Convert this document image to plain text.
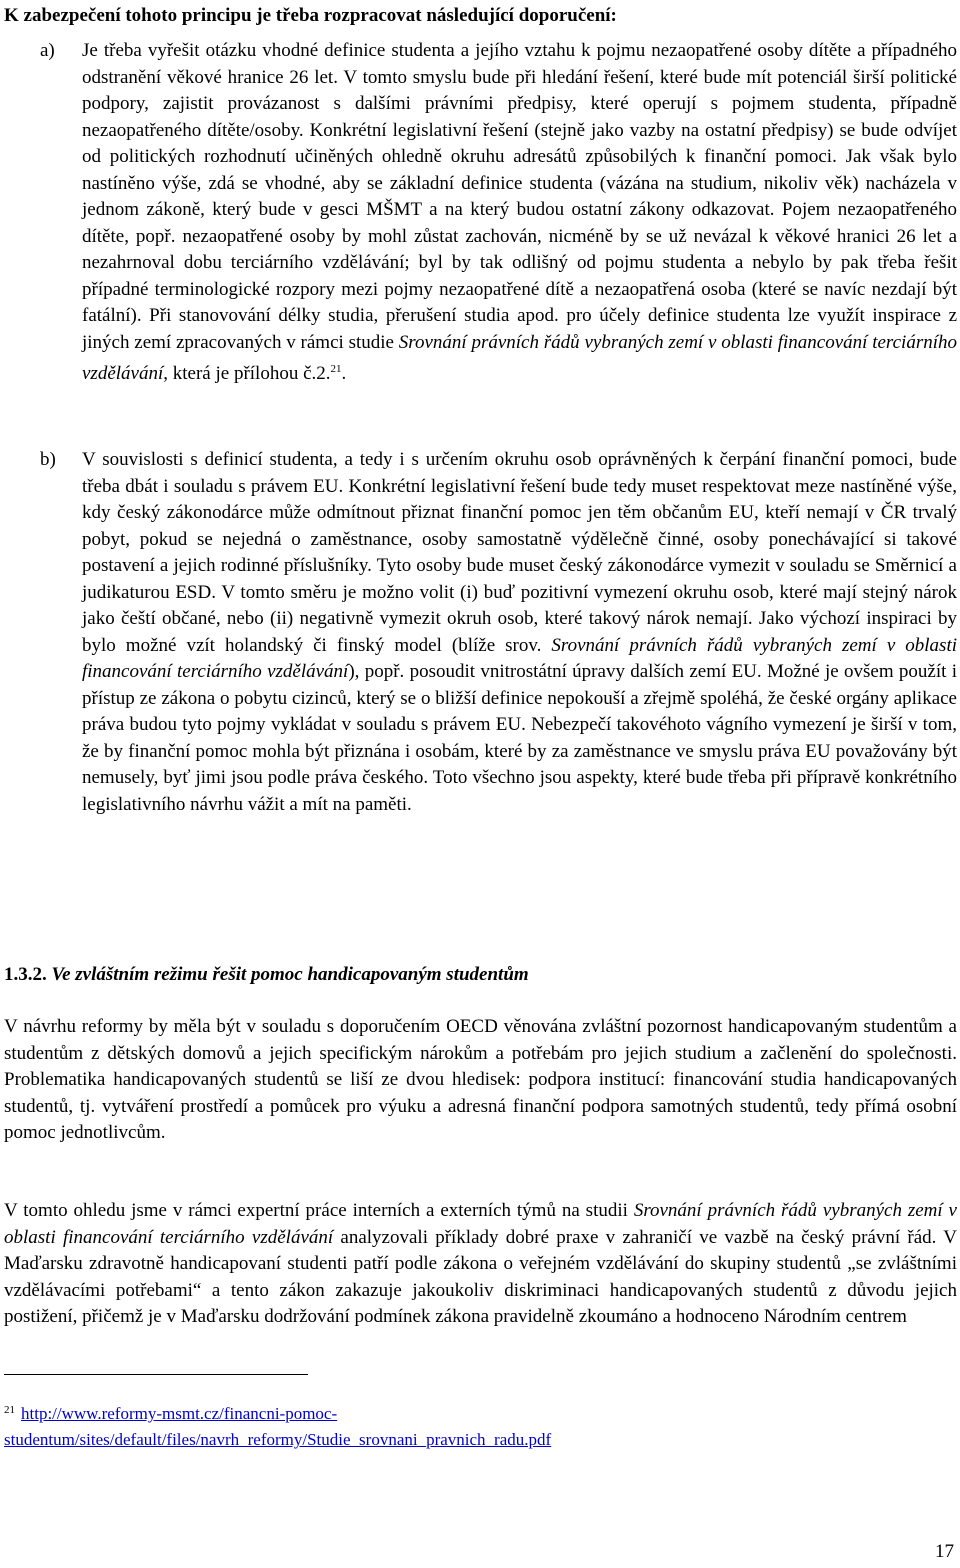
K zabezpečení tohoto principu je třeba rozpracovat následující doporučení:

a) Je třeba vyřešit otázku vhodné definice studenta a jejího vztahu k pojmu nezaopatřené osoby dítěte a případného odstranění věkové hranice 26 let. V tomto smyslu bude při hledání řešení, které bude mít potenciál širší politické podpory, zajistit provázanost s dalšími právními předpisy, které operují s pojmem studenta, případně nezaopatřeného dítěte/osoby. Konkrétní legislativní řešení (stejně jako vazby na ostatní předpisy) se bude odvíjet od politických rozhodnutí učiněných ohledně okruhu adresátů způsobilých k finanční pomoci. Jak však bylo nastíněno výše, zdá se vhodné, aby se základní definice studenta (vázána na studium, nikoliv věk) nacházela v jednom zákoně, který bude v gesci MŠMT a na který budou ostatní zákony odkazovat. Pojem nezaopatřeného dítěte, popř. nezaopatřené osoby by mohl zůstat zachován, nicméně by se už nevázal k věkové hranici 26 let a nezahrnoval dobu terciárního vzdělávání; byl by tak odlišný od pojmu studenta a nebylo by pak třeba řešit případné terminologické rozpory mezi pojmy nezaopatřené dítě a nezaopatřená osoba (které se navíc nezdají být fatální). Při stanovování délky studia, přerušení studia apod. pro účely definice studenta lze využít inspirace z jiných zemí zpracovaných v rámci studie Srovnání právních řádů vybraných zemí v oblasti financování terciárního vzdělávání, která je přílohou č.2.21.
b) V souvislosti s definicí studenta, a tedy i s určením okruhu osob oprávněných k čerpání finanční pomoci, bude třeba dbát i souladu s právem EU. Konkrétní legislativní řešení bude tedy muset respektovat meze nastíněné výše, kdy český zákonodárce může odmítnout přiznat finanční pomoc jen těm občanům EU, kteří nemají v ČR trvalý pobyt, pokud se nejedná o zaměstnance, osoby samostatně výdělečně činné, osoby ponechávající si takové postavení a jejich rodinné příslušníky. Tyto osoby bude muset český zákonodárce vymezit v souladu se Směrnicí a judikaturou ESD. V tomto směru je možno volit (i) buď pozitivní vymezení okruhu osob, které mají stejný nárok jako čeští občané, nebo (ii) negativně vymezit okruh osob, které takový nárok nemají. Jako výchozí inspiraci by bylo možné vzít holandský či finský model (blíže srov. Srovnání právních řádů vybraných zemí v oblasti financování terciárního vzdělávání), popř. posoudit vnitrostátní úpravy dalších zemí EU. Možné je ovšem použít i přístup ze zákona o pobytu cizinců, který se o bližší definice nepokouší a zřejmě spoléhá, že české orgány aplikace práva budou tyto pojmy vykládat v souladu s právem EU. Nebezpečí takovéhoto vágního vymezení je širší v tom, že by finanční pomoc mohla být přiznána i osobám, které by za zaměstnance ve smyslu práva EU považovány být nemusely, byť jimi jsou podle práva českého. Toto všechno jsou aspekty, které bude třeba při přípravě konkrétního legislativního návrhu vážit a mít na paměti.
1.3.2. Ve zvláštním režimu řešit pomoc handicapovaným studentům

V návrhu reformy by měla být v souladu s doporučením OECD věnována zvláštní pozornost handicapovaným studentům a studentům z dětských domovů a jejich specifickým nárokům a potřebám pro jejich studium a začlenění do společnosti. Problematika handicapovaných studentů se liší ze dvou hledisek: podpora institucí: financování studia handicapovaných studentů, tj. vytváření prostředí a pomůcek pro výuku a adresná finanční podpora samotných studentů, tedy přímá osobní pomoc jednotlivcům.

V tomto ohledu jsme v rámci expertní práce interních a externích týmů na studii Srovnání právních řádů vybraných zemí v oblasti financování terciárního vzdělávání analyzovali příklady dobré praxe v zahraničí ve vazbě na český právní řád. V Maďarsku zdravotně handicapovaní studenti patří podle zákona o veřejném vzdělávání do skupiny studentů „se zvláštními vzdělávacími potřebami“ a tento zákon zakazuje jakoukoliv diskriminaci handicapovaných studentů z důvodu jejich postižení, přičemž je v Maďarsku dodržování podmínek zákona pravidelně zkoumáno a hodnoceno Národním centrem

$^{21}$ http://www.reformy-msmt.cz/financni-pomoc-
studentum/sites/default/files/navrh_reformy/Studie_srovnani_pravnich_radu.pdf
17
